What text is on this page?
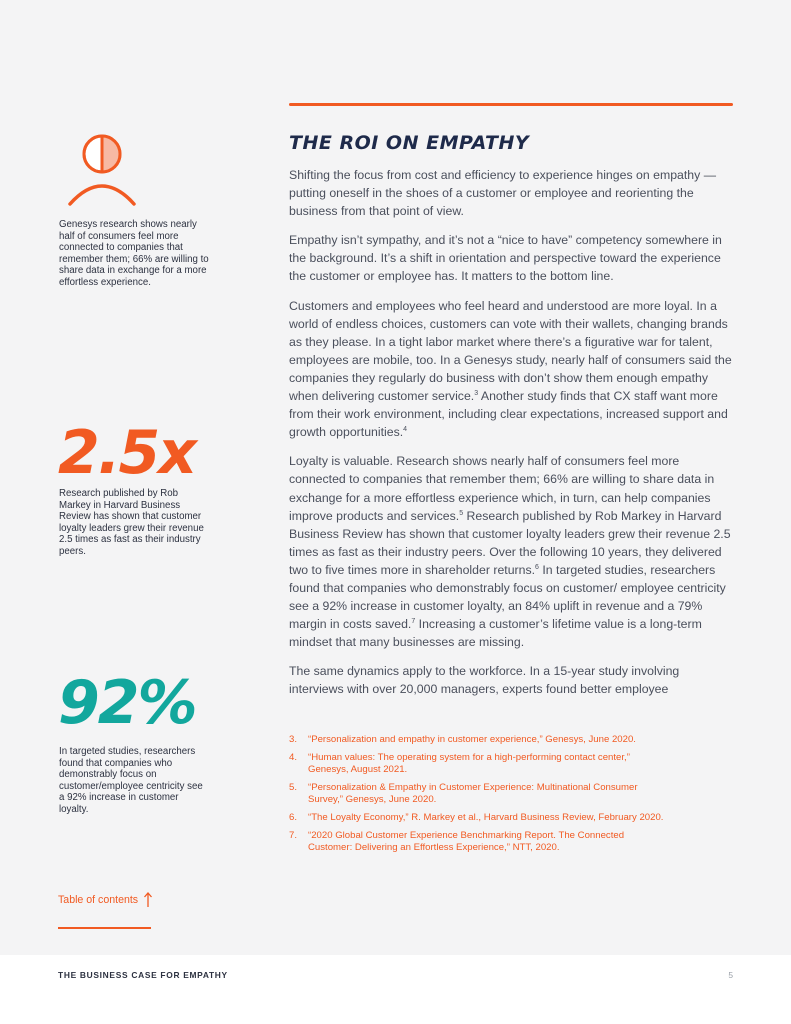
Genesys research shows nearly half of consumers feel more connected to companies that remember them; 66% are willing to share data in exchange for a more effortless experience.
2.5x
Research published by Rob Markey in Harvard Business Review has shown that customer loyalty leaders grew their revenue 2.5 times as fast as their industry peers.
92%
In targeted studies, researchers found that companies who demonstrably focus on customer/employee centricity see a 92% increase in customer loyalty.
Table of contents
THE ROI ON EMPATHY

Shifting the focus from cost and efficiency to experience hinges on empathy — putting oneself in the shoes of a customer or employee and reorienting the business from that point of view.

Empathy isn’t sympathy, and it’s not a “nice to have” competency somewhere in the background. It’s a shift in orientation and perspective toward the experience the customer or employee has. It matters to the bottom line.

Customers and employees who feel heard and understood are more loyal. In a world of endless choices, customers can vote with their wallets, changing brands as they please. In a tight labor market where there’s a figurative war for talent, employees are mobile, too. In a Genesys study, nearly half of consumers said the companies they regularly do business with don’t show them enough empathy when delivering customer service.$^3$ Another study finds that CX staff want more from their work environment, including clear expectations, increased support and growth opportunities.$^4$

Loyalty is valuable. Research shows nearly half of consumers feel more connected to companies that remember them; 66% are willing to share data in exchange for a more effortless experience which, in turn, can help companies improve products and services.$^5$ Research published by Rob Markey in Harvard Business Review has shown that customer loyalty leaders grew their revenue 2.5 times as fast as their industry peers. Over the following 10 years, they delivered two to five times more in shareholder returns.$^6$ In targeted studies, researchers found that companies who demonstrably focus on customer/ employee centricity see a 92% increase in customer loyalty, an 84% uplift in revenue and a 79% margin in costs saved.$^7$ Increasing a customer’s lifetime value is a long-term mindset that many businesses are missing.

The same dynamics apply to the workforce. In a 15-year study involving interviews with over 20,000 managers, experts found better employee

3.	“Personalization and empathy in customer experience,” Genesys, June 2020.
4.	“Human values: The operating system for a high-performing contact center,” Genesys, August 2021.
5.	“Personalization & Empathy in Customer Experience: Multinational Consumer Survey,” Genesys, June 2020.
6.	“The Loyalty Economy,” R. Markey et al., Harvard Business Review, February 2020.
7.	“2020 Global Customer Experience Benchmarking Report. The Connected Customer: Delivering an Effortless Experience,” NTT, 2020.
THE BUSINESS CASE FOR EMPATHY	5
